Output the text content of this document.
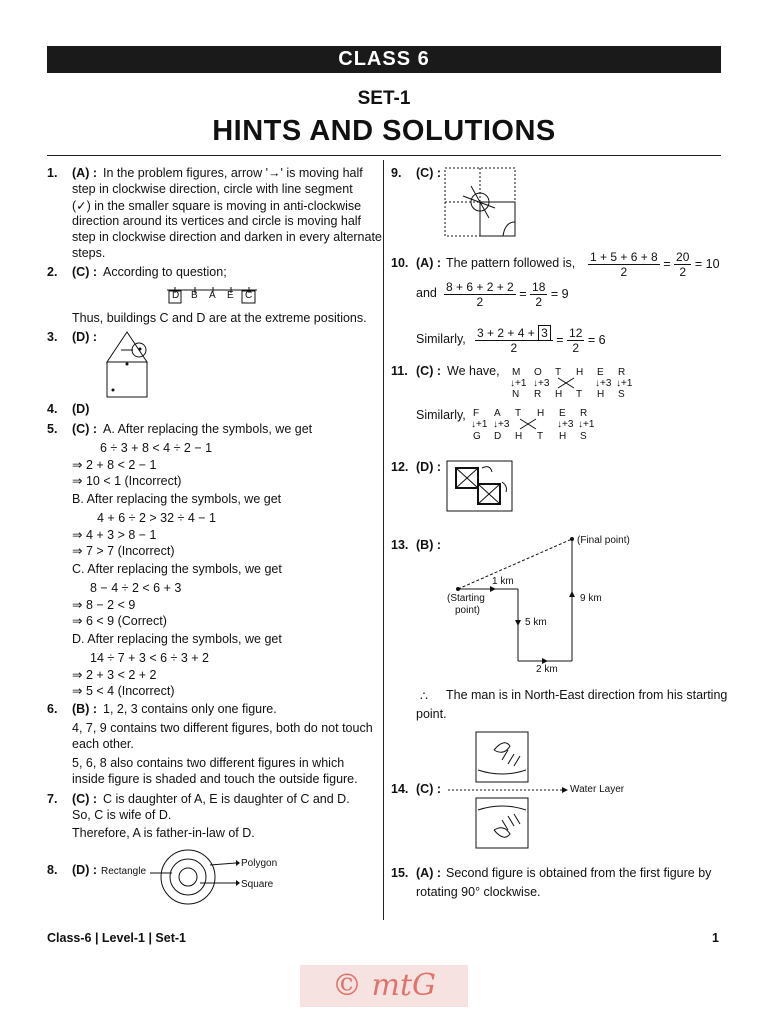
CLASS 6
SET-1
HINTS AND SOLUTIONS
1. (A) : In the problem figures, arrow '→' is moving half
step in clockwise direction, circle with line segment
(✓) in the smaller square is moving in anti-clockwise
direction around its vertices and circle is moving half
step in clockwise direction and darken in every alternate
steps.
2. (C) : According to question;
D B A E C
Thus, buildings C and D are at the extreme positions.
3. (D) :
4. (D)
5. (C) : A. After replacing the symbols, we get
6 ÷ 3 + 8 < 4 ÷ 2 − 1
⇒ 2 + 8 < 2 − 1
⇒ 10 < 1 (Incorrect)
B. After replacing the symbols, we get
4 + 6 ÷ 2 > 32 ÷ 4 − 1
⇒ 4 + 3 > 8 − 1
⇒ 7 > 7 (Incorrect)
C. After replacing the symbols, we get
8 − 4 ÷ 2 < 6 + 3
⇒ 8 − 2 < 9
⇒ 6 < 9 (Correct)
D. After replacing the symbols, we get
14 ÷ 7 + 3 < 6 ÷ 3 + 2
⇒ 2 + 3 < 2 + 2
⇒ 5 < 4 (Incorrect)
6. (B) : 1, 2, 3 contains only one figure.
4, 7, 9 contains two different figures, both do not touch
each other.
5, 6, 8 also contains two different figures in which
inside figure is shaded and touch the outside figure.
7. (C) : C is daughter of A, E is daughter of C and D.
So, C is wife of D.
Therefore, A is father-in-law of D.
8. (D) : Rectangle
Polygon
Square
9. (C) :
10. (A) : The pattern followed is, $\frac{1 + 5 + 6 + 8}{2} = \frac{20}{2} = 10$
and $\frac{8 + 6 + 2 + 2}{2} = \frac{18}{2} = 9$
Similarly, $\frac{3 + 2 + 4 + 3}{2} = \frac{12}{2} = 6$
11. (C) : We have, M O T H E R
↓+1 ↓+3	↓+3 ↓+1
N R H T H S
Similarly, F A T H E R
↓+1 ↓+3	↓+3 ↓+1
G D H T H S
12. (D) :
13. (B) :	(Final point)
(Starting
point)
1 km
5 km
2 km
9 km
∴ The man is in North-East direction from his starting
point.
14. (C) :	Water Layer
15. (A) : Second figure is obtained from the first figure by
rotating 90° clockwise.
Class-6 | Level-1 | Set-1	1
© mtG
